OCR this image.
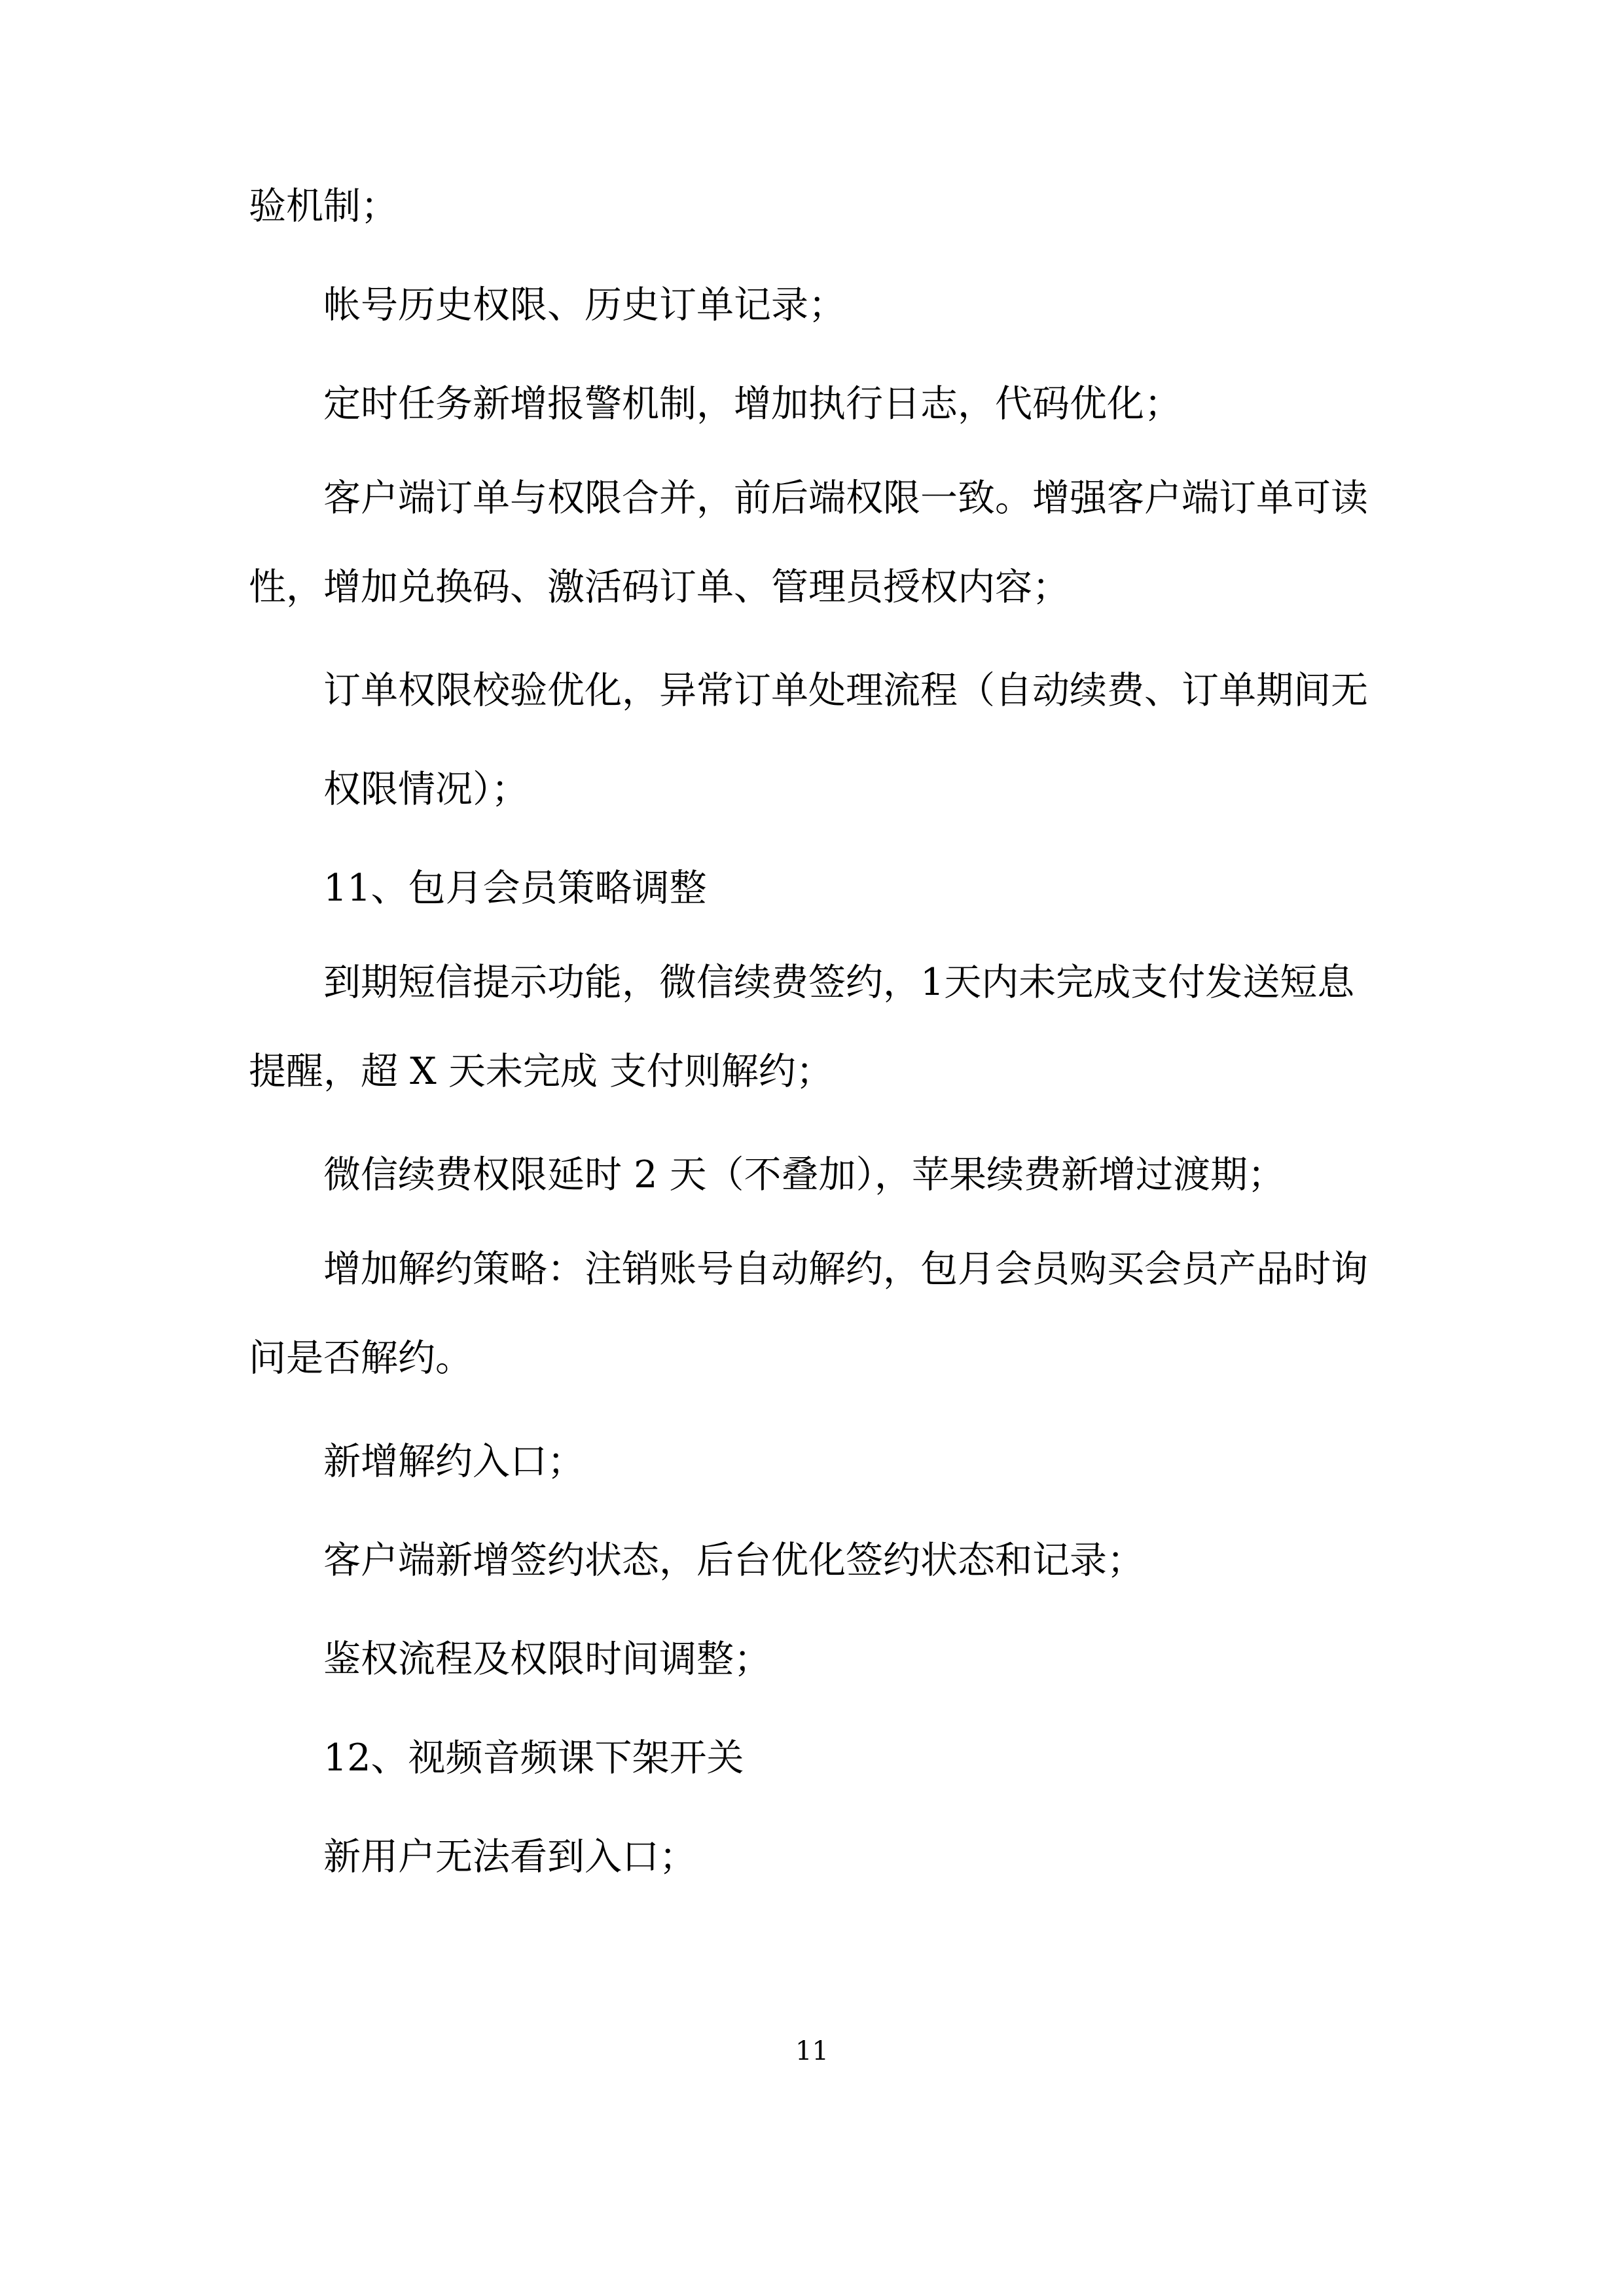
验机制；

帐号历史权限、历史订单记录；

定时任务新增报警机制，增加执行日志，代码优化；

客户端订单与权限合并，前后端权限一致。增强客户端订单可读
性，增加兑换码、激活码订单、管理员授权内容；

订单权限校验优化，异常订单处理流程（自动续费、订单期间无

权限情况）；

11、包月会员策略调整

到期短信提示功能，微信续费签约，1天内未完成支付发送短息
提醒，超 X 天未完成 支付则解约；

微信续费权限延时 2 天（不叠加），苹果续费新增过渡期；

增加解约策略：注销账号自动解约，包月会员购买会员产品时询
问是否解约。

新增解约入口；

客户端新增签约状态，后台优化签约状态和记录；

鉴权流程及权限时间调整；

12、视频音频课下架开关

新用户无法看到入口；

11
